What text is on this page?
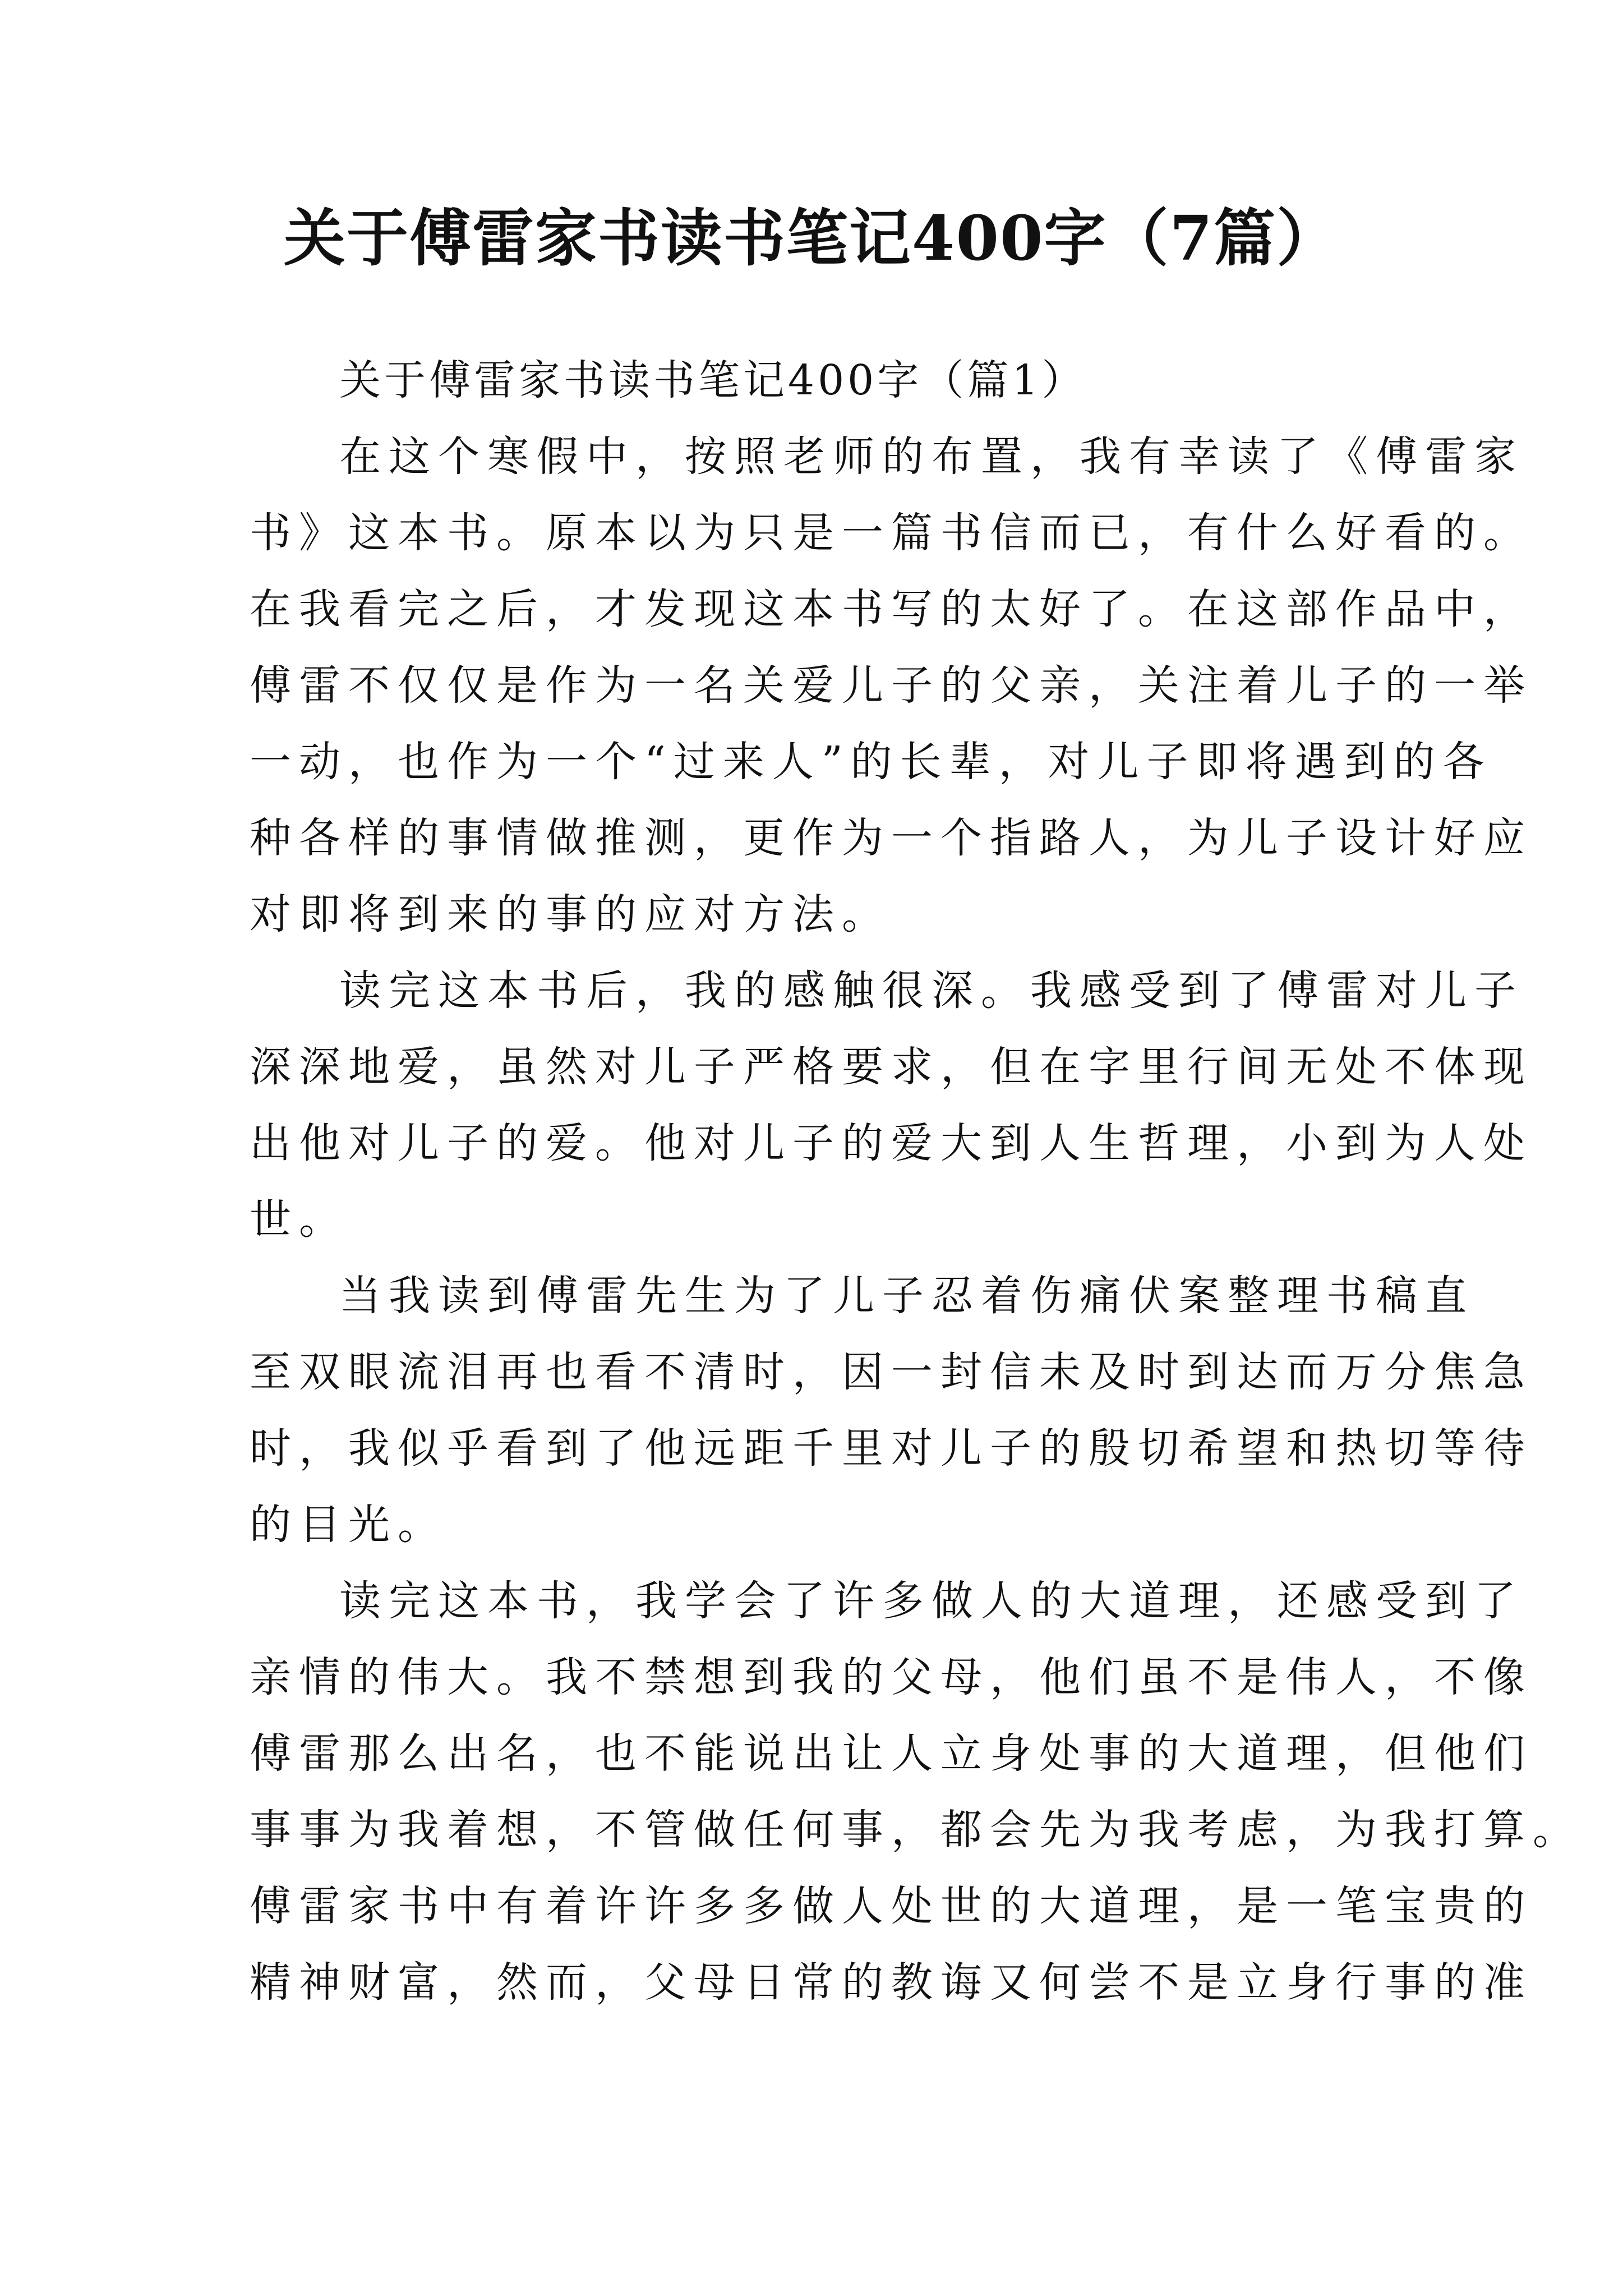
关于傅雷家书读书笔记400字（7篇）
关于傅雷家书读书笔记400字（篇1）
在这个寒假中，按照老师的布置，我有幸读了《傅雷家
书》这本书。原本以为只是一篇书信而已，有什么好看的。
在我看完之后，才发现这本书写的太好了。在这部作品中，
傅雷不仅仅是作为一名关爱儿子的父亲，关注着儿子的一举
一动，也作为一个“过来人”的长辈，对儿子即将遇到的各
种各样的事情做推测，更作为一个指路人，为儿子设计好应
对即将到来的事的应对方法。
读完这本书后，我的感触很深。我感受到了傅雷对儿子
深深地爱，虽然对儿子严格要求，但在字里行间无处不体现
出他对儿子的爱。他对儿子的爱大到人生哲理，小到为人处
世。
当我读到傅雷先生为了儿子忍着伤痛伏案整理书稿直
至双眼流泪再也看不清时，因一封信未及时到达而万分焦急
时，我似乎看到了他远距千里对儿子的殷切希望和热切等待
的目光。
读完这本书，我学会了许多做人的大道理，还感受到了
亲情的伟大。我不禁想到我的父母，他们虽不是伟人，不像
傅雷那么出名，也不能说出让人立身处事的大道理，但他们
事事为我着想，不管做任何事，都会先为我考虑，为我打算。
傅雷家书中有着许许多多做人处世的大道理，是一笔宝贵的
精神财富，然而，父母日常的教诲又何尝不是立身行事的准
